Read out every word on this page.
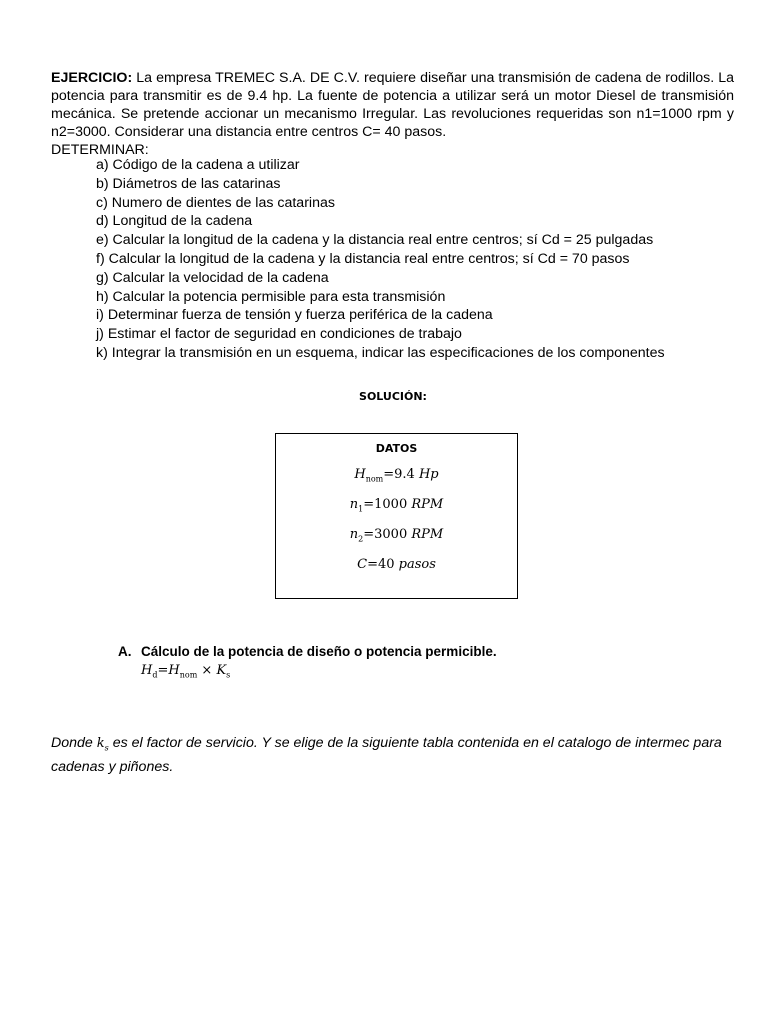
EJERCICIO: La empresa TREMEC S.A. DE C.V. requiere diseñar una transmisión de cadena de rodillos. La potencia para transmitir es de 9.4 hp. La fuente de potencia a utilizar será un motor Diesel de transmisión mecánica. Se pretende accionar un mecanismo Irregular. Las revoluciones requeridas son n1=1000 rpm y n2=3000. Considerar una distancia entre centros C= 40 pasos.
DETERMINAR:
a) Código de la cadena a utilizar
b) Diámetros de las catarinas
c) Numero de dientes de las catarinas
d) Longitud de la cadena
e) Calcular la longitud de la cadena y la distancia real entre centros; sí Cd = 25 pulgadas
f) Calcular la longitud de la cadena y la distancia real entre centros; sí Cd = 70 pasos
g) Calcular la velocidad de la cadena
h) Calcular la potencia permisible para esta transmisión
i) Determinar fuerza de tensión y fuerza periférica de la cadena
j) Estimar el factor de seguridad en condiciones de trabajo
k) Integrar la transmisión en un esquema, indicar las especificaciones de los componentes
SOLUCIÓN:
DATOS
$H_{nom}=9.4$ Hp
$n_1=1000$ RPM
$n_2=3000$ RPM
C=40 pasos
A. Cálculo de la potencia de diseño o potencia permicible.
$H_d=H_{nom} \times K_s$
Donde $k_s$ es el factor de servicio. Y se elige de la siguiente tabla contenida en el catalogo de intermec para cadenas y piñones.
